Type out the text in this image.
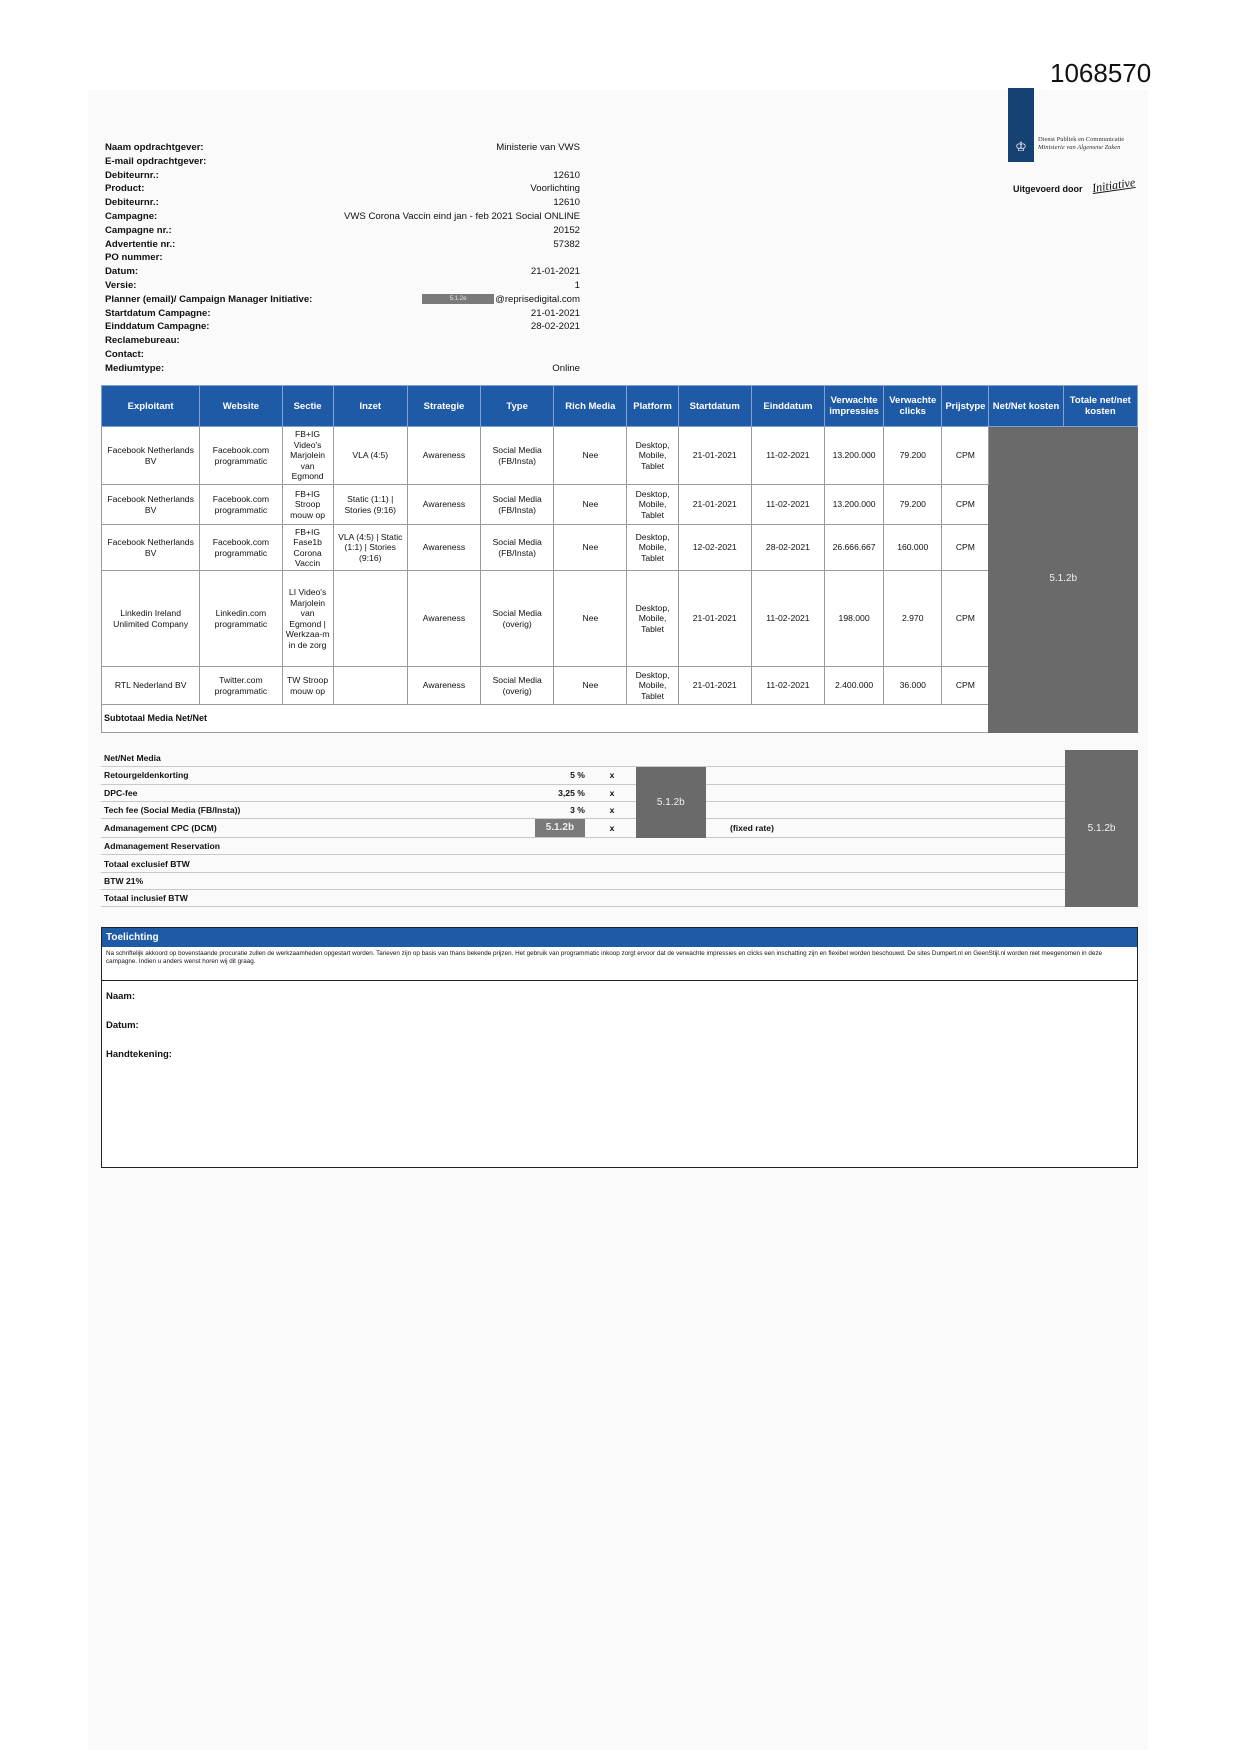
1068570
♔	Dienst Publiek en Communicatie
Ministerie van Algemene Zaken
Uitgevoerd door Initiative
Naam opdrachtgever:	Ministerie van VWS
E-mail opdrachtgever:
Debiteurnr.:	12610
Product:	Voorlichting
Debiteurnr.:	12610
Campagne:	VWS Corona Vaccin eind jan - feb 2021 Social ONLINE
Campagne nr.:	20152
Advertentie nr.:	57382
PO nummer:
Datum:	21-01-2021
Versie:	1
Planner (email)/ Campaign Manager Initiative:	5.1.2e	@reprisedigital.com
Startdatum Campagne:	21-01-2021
Einddatum Campagne:	28-02-2021
Reclamebureau:
Contact:
Mediumtype:	Online
Exploitant	Website	Sectie	Inzet	Strategie	Type	Rich Media	Platform	Startdatum	Einddatum	Verwachte impressies	Verwachte clicks	Prijstype	Net/Net kosten	Totale net/net kosten
Facebook Netherlands BV	Facebook.com programmatic	FB+IG Video's Marjolein van Egmond	VLA (4:5)	Awareness	Social Media (FB/Insta)	Nee	Desktop, Mobile, Tablet	21-01-2021	11-02-2021	13.200.000	79.200	CPM	5.1.2b	
Facebook Netherlands BV	Facebook.com programmatic	FB+IG Stroop mouw op	Static (1:1) | Stories (9:16)	Awareness	Social Media (FB/Insta)	Nee	Desktop, Mobile, Tablet	21-01-2021	11-02-2021	13.200.000	79.200	CPM		
Facebook Netherlands BV	Facebook.com programmatic	FB+IG Fase1b Corona Vaccin	VLA (4:5) | Static (1:1) | Stories (9:16)	Awareness	Social Media (FB/Insta)	Nee	Desktop, Mobile, Tablet	12-02-2021	28-02-2021	26.666.667	160.000	CPM		
Linkedin Ireland Unlimited Company	Linkedin.com programmatic	LI Video's Marjolein van Egmond | Werkzaa-m in de zorg		Awareness	Social Media (overig)	Nee	Desktop, Mobile, Tablet	21-01-2021	11-02-2021	198.000	2.970	CPM		
RTL Nederland BV	Twitter.com programmatic	TW Stroop mouw op		Awareness	Social Media (overig)	Nee	Desktop, Mobile, Tablet	21-01-2021	11-02-2021	2.400.000	36.000	CPM		
Subtotaal Media Net/Net														
Net/Net Media						5.1.2b
Retourgeldenkorting	5 %	x	5.1.2b			
DPC-fee	3,25 %	x				
Tech fee (Social Media (FB/Insta))	3 %	x				
Admanagement CPC (DCM)	5.1.2b	x			(fixed rate)	
Admanagement Reservation						
Totaal exclusief BTW						
BTW 21%						
Totaal inclusief BTW						
Toelichting
Na schriftelijk akkoord op bovenstaande procuratie zullen de werkzaamheden opgestart worden. Tarieven zijn op basis van thans bekende prijzen. Het gebruik van programmatic inkoop zorgt ervoor dat de verwachte impressies en clicks een inschatting zijn en flexibel worden beschouwd. De sites Dumpert.nl en GeenStijl.nl worden niet meegenomen in deze campagne. Indien u anders wenst horen wij dit graag.
Naam:
Datum:
Handtekening:
